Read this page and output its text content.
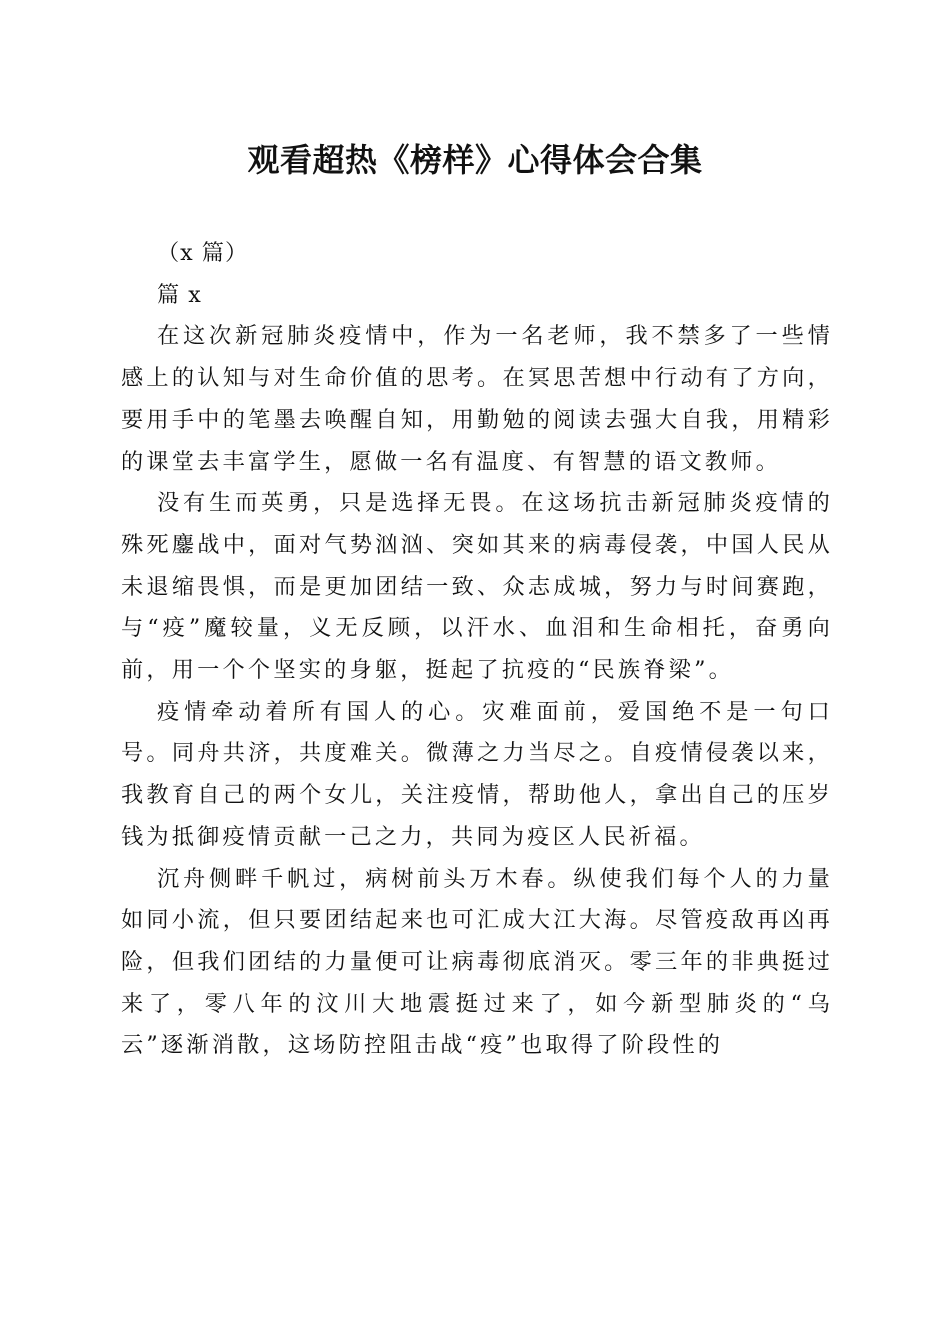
观看超热《榜样》心得体会合集

（x 篇）

篇 x

在这次新冠肺炎疫情中，作为一名老师，我不禁多了一些情感上的认知与对生命价值的思考。在冥思苦想中行动有了方向，要用手中的笔墨去唤醒自知，用勤勉的阅读去强大自我，用精彩的课堂去丰富学生，愿做一名有温度、有智慧的语文教师。

没有生而英勇，只是选择无畏。在这场抗击新冠肺炎疫情的殊死鏖战中，面对气势汹汹、突如其来的病毒侵袭，中国人民从未退缩畏惧，而是更加团结一致、众志成城，努力与时间赛跑，与“疫”魔较量，义无反顾，以汗水、血泪和生命相托，奋勇向前，用一个个坚实的身躯，挺起了抗疫的“民族脊梁”。

疫情牵动着所有国人的心。灾难面前，爱国绝不是一句口号。同舟共济，共度难关。微薄之力当尽之。自疫情侵袭以来，我教育自己的两个女儿，关注疫情，帮助他人，拿出自己的压岁钱为抵御疫情贡献一己之力，共同为疫区人民祈福。

沉舟侧畔千帆过，病树前头万木春。纵使我们每个人的力量如同小流，但只要团结起来也可汇成大江大海。尽管疫敌再凶再险，但我们团结的力量便可让病毒彻底消灭。零三年的非典挺过来了，零八年的汶川大地震挺过来了，如今新型肺炎的“乌云”逐渐消散，这场防控阻击战“疫”也取得了阶段性的
